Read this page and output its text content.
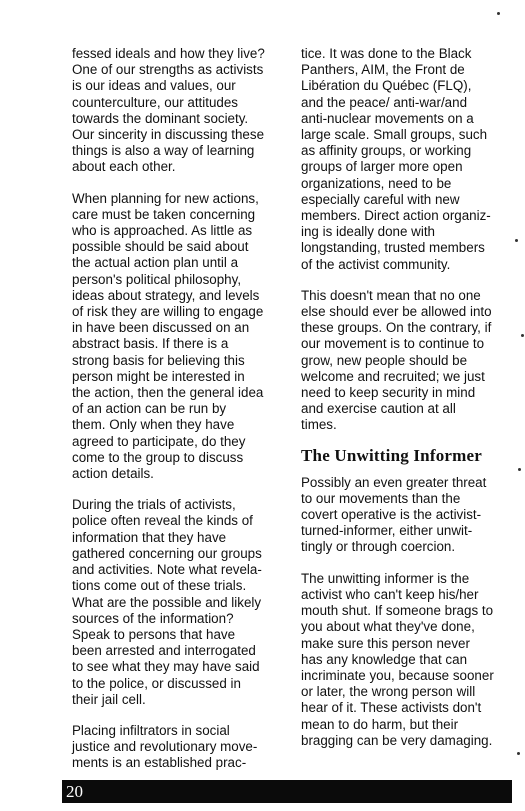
fessed ideals and how they live?
One of our strengths as activists
is our ideas and values, our
counterculture, our attitudes
towards the dominant society.
Our sincerity in discussing these
things is also a way of learning
about each other.
When planning for new actions,
care must be taken concerning
who is approached. As little as
possible should be said about
the actual action plan until a
person's political philosophy,
ideas about strategy, and levels
of risk they are willing to engage
in have been discussed on an
abstract basis. If there is a
strong basis for believing this
person might be interested in
the action, then the general idea
of an action can be run by
them. Only when they have
agreed to participate, do they
come to the group to discuss
action details.
During the trials of activists,
police often reveal the kinds of
information that they have
gathered concerning our groups
and activities. Note what revela-
tions come out of these trials.
What are the possible and likely
sources of the information?
Speak to persons that have
been arrested and interrogated
to see what they may have said
to the police, or discussed in
their jail cell.
Placing infiltrators in social
justice and revolutionary move-
ments is an established prac-
tice. It was done to the Black
Panthers, AIM, the Front de
Libération du Québec (FLQ),
and the peace/ anti-war/and
anti-nuclear movements on a
large scale. Small groups, such
as affinity groups, or working
groups of larger more open
organizations, need to be
especially careful with new
members. Direct action organiz-
ing is ideally done with
longstanding, trusted members
of the activist community.
This doesn't mean that no one
else should ever be allowed into
these groups. On the contrary, if
our movement is to continue to
grow, new people should be
welcome and recruited; we just
need to keep security in mind
and exercise caution at all
times.
The Unwitting Informer
Possibly an even greater threat
to our movements than the
covert operative is the activist-
turned-informer, either unwit-
tingly or through coercion.
The unwitting informer is the
activist who can't keep his/her
mouth shut. If someone brags to
you about what they've done,
make sure this person never
has any knowledge that can
incriminate you, because sooner
or later, the wrong person will
hear of it. These activists don't
mean to do harm, but their
bragging can be very damaging.
20
